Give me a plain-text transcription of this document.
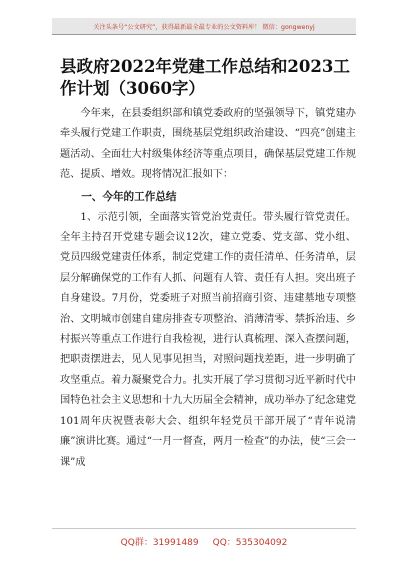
关注头条号“公文研究”，获得最新最全最专业的公文资料库！ 微信：gongwenyj
县政府2022年党建工作总结和2023工作计划（3060字）

今年来，在县委组织部和镇党委政府的坚强领导下，镇党建办牵头履行党建工作职责，围绕基层党组织政治建设、“四亮”创建主题活动、全面壮大村级集体经济等重点项目，确保基层党建工作规范、提质、增效。现将情况汇报如下：

一、今年的工作总结

1、示范引领，全面落实管党治党责任。带头履行管党责任。全年主持召开党建专题会议12次，建立党委、党支部、党小组、党员四级党建责任体系，制定党建工作的责任清单、任务清单，层层分解确保党的工作有人抓、问题有人管、责任有人担。突出班子自身建设。7月份，党委班子对照当前招商引资、违建墓地专项整治、文明城市创建自建房排查专项整治、消薄清零、禁拆治违、乡村振兴等重点工作进行自我检视，进行认真梳理、深入查摆问题，把职责摆进去，见人见事见担当，对照问题找差距，进一步明确了攻坚重点。着力凝聚党合力。扎实开展了学习贯彻习近平新时代中国特色社会主义思想和十九大历届全会精神，成功举办了纪念建党101周年庆祝暨表彰大会、组织年轻党员干部开展了“青年说清廉”演讲比赛。通过“一月一督查，两月一检查”的办法，使“三会一课”成

QQ群：31991489 QQ：535304092
